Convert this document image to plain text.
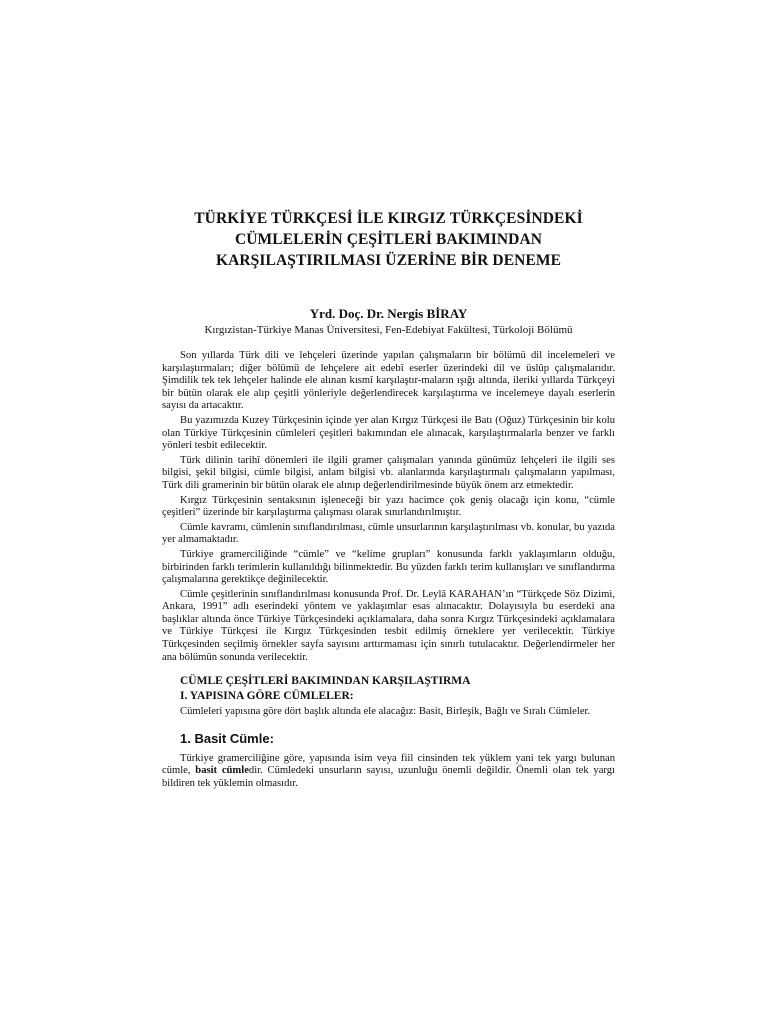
TÜRKİYE TÜRKÇESİ İLE KIRGIZ TÜRKÇESİNDEKİ

CÜMLELERİN ÇEŞİTLERİ BAKIMINDAN

KARŞILAŞTIRILMASI ÜZERİNE BİR DENEME

Yrd. Doç. Dr. Nergis BİRAY

Kırgızistan-Türkiye Manas Üniversitesi, Fen-Edebiyat Fakültesi, Türkoloji Bölümü

Son yıllarda Türk dili ve lehçeleri üzerinde yapılan çalışmaların bir bölümü dil incelemeleri ve karşılaştırmaları; diğer bölümü de lehçelere ait edebî eserler üzerindeki dil ve üslûp çalışmalarıdır. Şimdilik tek tek lehçeler halinde ele alınan kısmî karşılaştır-maların ışığı altında, ileriki yıllarda Türkçeyi bir bütün olarak ele alıp çeşitli yönleriyle değerlendirecek karşılaştırma ve incelemeye dayalı eserlerin sayısı da artacaktır.

Bu yazımızda Kuzey Türkçesinin içinde yer alan Kırgız Türkçesi ile Batı (Oğuz) Türkçesinin bir kolu olan Türkiye Türkçesinin cümleleri çeşitleri bakımından ele alınacak, karşılaştırmalarla benzer ve farklı yönleri tesbit edilecektir.

Türk dilinin tarihî dönemleri ile ilgili gramer çalışmaları yanında günümüz lehçeleri ile ilgili ses bilgisi, şekil bilgisi, cümle bilgisi, anlam bilgisi vb. alanlarında karşılaştırmalı çalışmaların yapılması, Türk dili gramerinin bir bütün olarak ele alınıp değerlendirilmesinde büyük önem arz etmektedir.

Kırgız Türkçesinin sentaksının işleneceği bir yazı hacimce çok geniş olacağı için konu, “cümle çeşitleri” üzerinde bir karşılaştırma çalışması olarak sınırlandırılmıştır.

Cümle kavramı, cümlenin sınıflandırılması, cümle unsurlarının karşılaştırılması vb. konular, bu yazıda yer almamaktadır.

Türkiye gramerciliğinde “cümle” ve “kelime grupları” konusunda farklı yaklaşımların olduğu, birbirinden farklı terimlerin kullanıldığı bilinmektedir. Bu yüzden farklı terim kullanışları ve sınıflandırma çalışmalarına gerektikçe değinilecektir.

Cümle çeşitlerinin sınıflandırılması konusunda Prof. Dr. Leylâ KARAHAN’ın “Türkçede Söz Dizimi, Ankara, 1991” adlı eserindeki yöntem ve yaklaşımlar esas alınacaktır. Dolayısıyla bu eserdeki ana başlıklar altında önce Türkiye Türkçesindeki açıklamalara, daha sonra Kırgız Türkçesindeki açıklamalara ve Türkiye Türkçesi ile Kırgız Türkçesinden tesbit edilmiş örneklere yer verilecektir. Türkiye Türkçesinden seçilmiş örnekler sayfa sayısını arttırmaması için sınırlı tutulacaktır. Değerlendirmeler her ana bölümün sonunda verilecektir.

CÜMLE ÇEŞİTLERİ BAKIMINDAN KARŞILAŞTIRMA

I. YAPISINA GÖRE CÜMLELER:

Cümleleri yapısına göre dört başlık altında ele alacağız: Basit, Birleşik, Bağlı ve Sıralı Cümleler.

1. Basit Cümle:

Türkiye gramerciliğine göre, yapısında isim veya fiil cinsinden tek yüklem yani tek yargı bulunan cümle, basit cümledir. Cümledeki unsurların sayısı, uzunluğu önemli değildir. Önemli olan tek yargı bildiren tek yüklemin olmasıdır.
